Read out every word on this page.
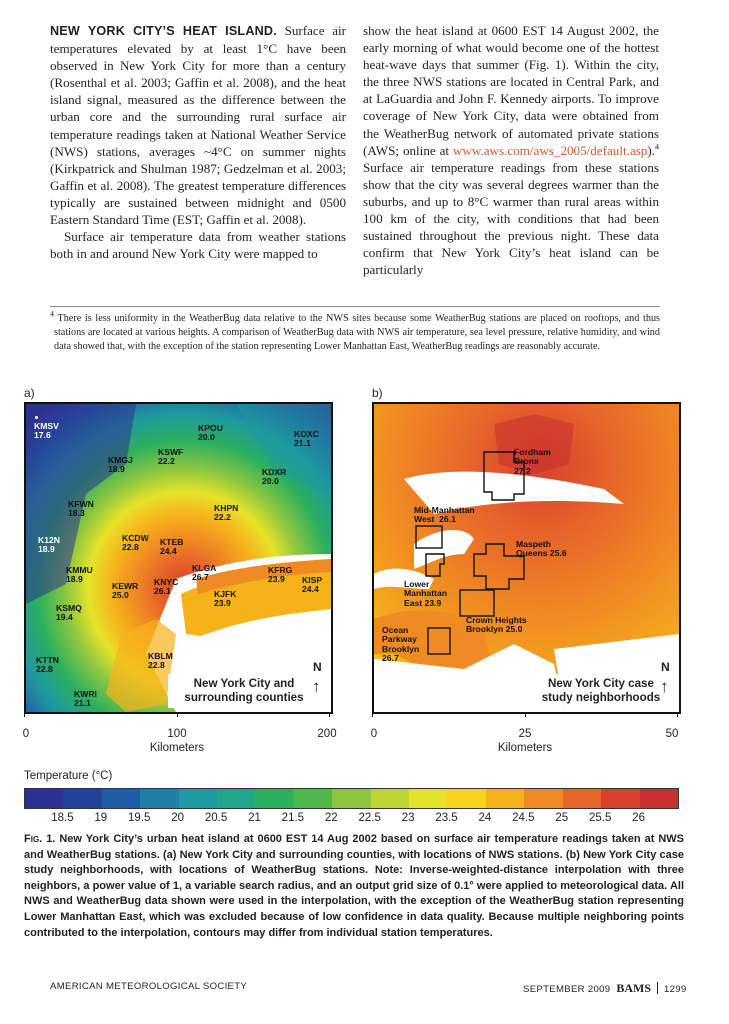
NEW YORK CITY’S HEAT ISLAND. Surface air temperatures elevated by at least 1°C have been observed in New York City for more than a century (Rosenthal et al. 2003; Gaffin et al. 2008), and the heat island signal, measured as the difference between the urban core and the surrounding rural surface air temperature readings taken at National Weather Service (NWS) stations, averages ~4°C on summer nights (Kirkpatrick and Shulman 1987; Gedzelman et al. 2003; Gaffin et al. 2008). The greatest temperature differences typically are sustained between midnight and 0500 Eastern Standard Time (EST; Gaffin et al. 2008).

Surface air temperature data from weather stations both in and around New York City were mapped to

show the heat island at 0600 EST 14 August 2002, the early morning of what would become one of the hottest heat-wave days that summer (Fig. 1). Within the city, the three NWS stations are located in Central Park, and at LaGuardia and John F. Kennedy airports. To improve coverage of New York City, data were obtained from the WeatherBug network of automated private stations (AWS; online at www.aws.com/aws_2005/default.asp).$^4$ Surface air temperature readings from these stations show that the city was several degrees warmer than the suburbs, and up to 8°C warmer than rural areas within 100 km of the city, with conditions that had been sustained throughout the previous night. These data confirm that New York City’s heat island can be particularly

$^4$ There is less uniformity in the WeatherBug data relative to the NWS sites because some WeatherBug stations are placed on rooftops, and thus stations are located at various heights. A comparison of WeatherBug data with NWS air temperature, sea level pressure, relative humidity, and wind data showed that, with the exception of the station representing Lower Manhattan East, WeatherBug readings are reasonably accurate.

a)
KMSV
17.6
KPOU
20.0	KOXC
21.1
KMGJ
18.9
KSWF
22.2
KDXR
20.0
KFWN
18.3
KHPN
22.2
K12N
18.9
KCDW
22.8
KTEB
24.4
KMMU
18.9
KLGA
26.7
KFRG
23.9
KEWR
25.0
KNYC
26.1	KJFK
23.9
KISP
24.4
KSMQ
19.4
KTTN
22.8
KBLM
22.8
KWRI
21.1
New York City and surrounding counties
N
↑
b)
Fordham
Bronx
27.2
Mid-Manhattan
West  26.1
Maspeth
Queens 25.6
Lower
Manhattan
East 23.9
Crown Heights
Brooklyn 25.0
Ocean
Parkway
Brooklyn
26.7
New York City case study neighborhoods
N
↑
0	100	200
Kilometers
0	25	50
Kilometers
Temperature (°C)
18.5 19 19.5 20 20.5 21 21.5 22 22.5 23 23.5 24 24.5 25 25.5 26
Fig. 1. New York City’s urban heat island at 0600 EST 14 Aug 2002 based on surface air temperature readings taken at NWS and WeatherBug stations. (a) New York City and surrounding counties, with locations of NWS stations. (b) New York City case study neighborhoods, with locations of WeatherBug stations. Note: Inverse-weighted-distance interpolation with three neighbors, a power value of 1, a variable search radius, and an output grid size of 0.1° were applied to meteorological data. All NWS and WeatherBug data shown were used in the interpolation, with the exception of the WeatherBug station representing Lower Manhattan East, which was excluded because of low confidence in data quality. Because multiple neighboring points contributed to the interpolation, contours may differ from individual station temperatures.
AMERICAN METEOROLOGICAL SOCIETY	SEPTEMBER 2009 BAMS 1299
